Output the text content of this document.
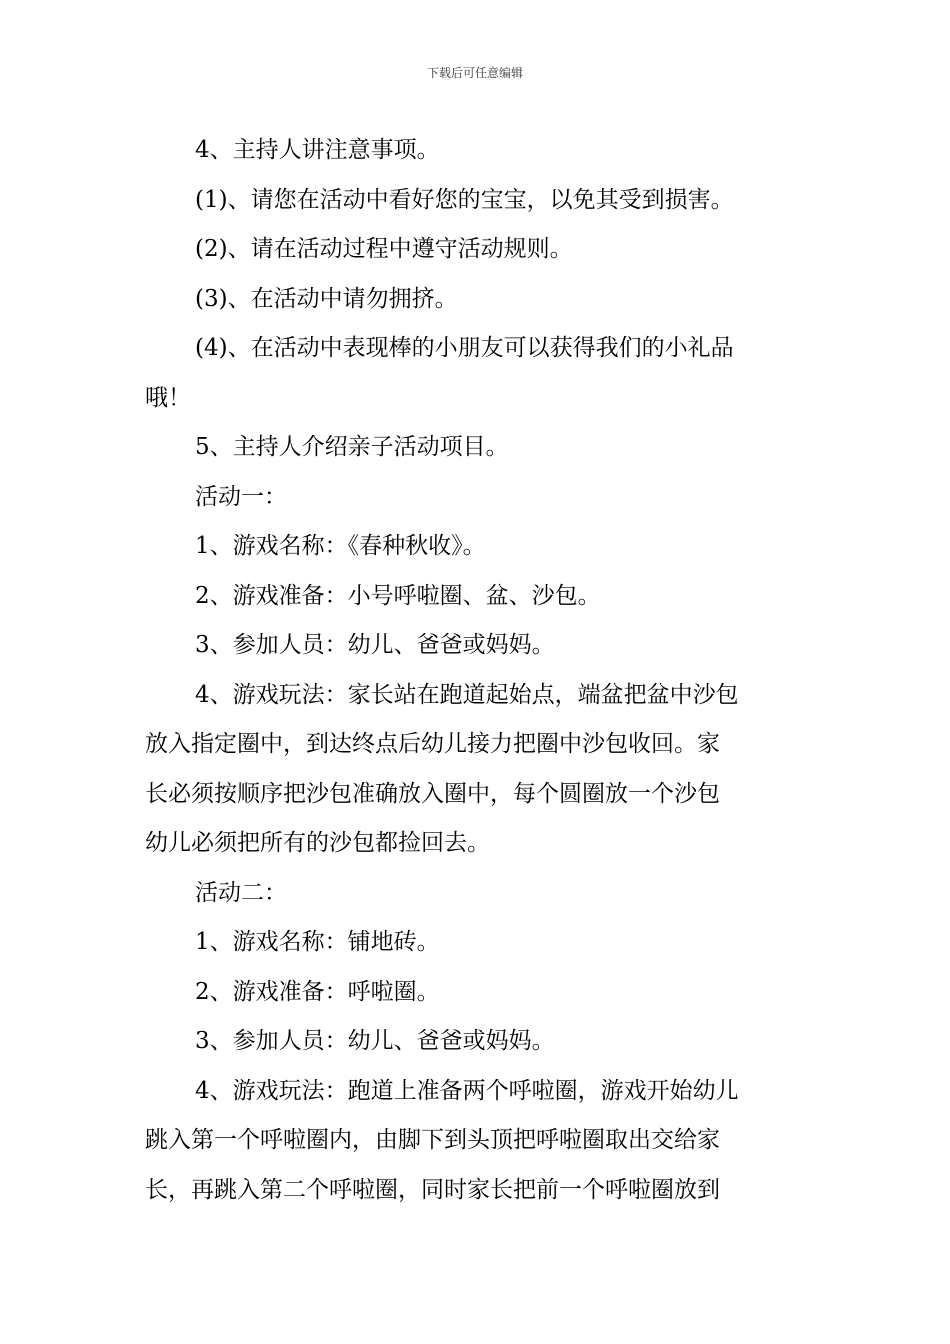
下载后可任意编辑

4、主持人讲注意事项。

(1)、请您在活动中看好您的宝宝，以免其受到损害。

(2)、请在活动过程中遵守活动规则。

(3)、在活动中请勿拥挤。

(4)、在活动中表现棒的小朋友可以获得我们的小礼品
哦！

5、主持人介绍亲子活动项目。

活动一：

1、游戏名称：《春种秋收》。

2、游戏准备：小号呼啦圈、盆、沙包。

3、参加人员：幼儿、爸爸或妈妈。

4、游戏玩法：家长站在跑道起始点，端盆把盆中沙包
放入指定圈中，到达终点后幼儿接力把圈中沙包收回。家
长必须按顺序把沙包准确放入圈中，每个圆圈放一个沙包
幼儿必须把所有的沙包都捡回去。

活动二：

1、游戏名称：铺地砖。

2、游戏准备：呼啦圈。

3、参加人员：幼儿、爸爸或妈妈。

4、游戏玩法：跑道上准备两个呼啦圈，游戏开始幼儿
跳入第一个呼啦圈内，由脚下到头顶把呼啦圈取出交给家
长，再跳入第二个呼啦圈，同时家长把前一个呼啦圈放到
